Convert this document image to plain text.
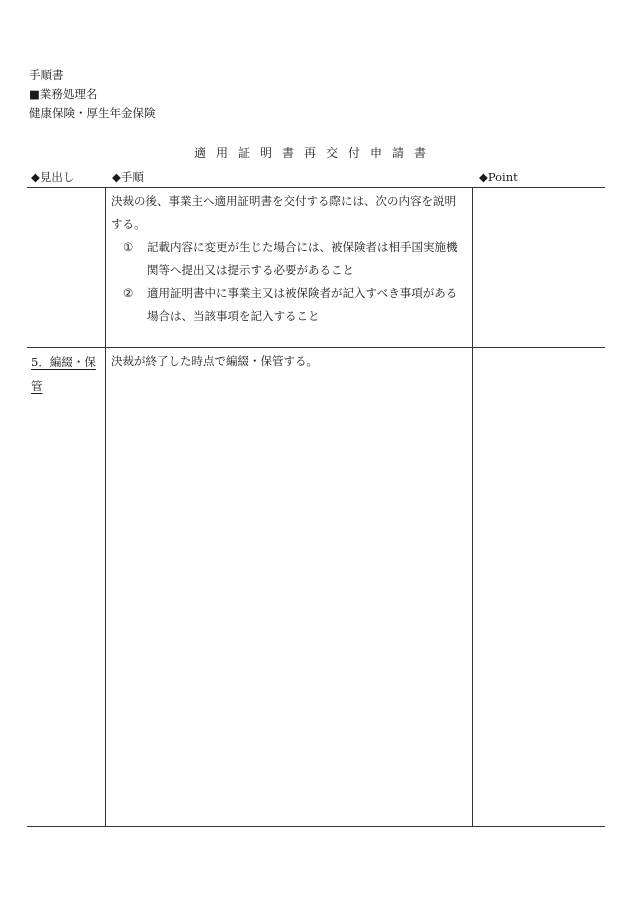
手順書
■業務処理名
健康保険・厚生年金保険
適用証明書再交付申請書
◆見出し	◆手順	◆Point
決裁の後、事業主へ適用証明書を交付する際には、次の内容を説明する。
① 記載内容に変更が生じた場合には、被保険者は相手国実施機関等へ提出又は提示する必要があること
② 適用証明書中に事業主又は被保険者が記入すべき事項がある場合は、当該事項を記入すること
5．編綴・保管
決裁が終了した時点で編綴・保管する。
